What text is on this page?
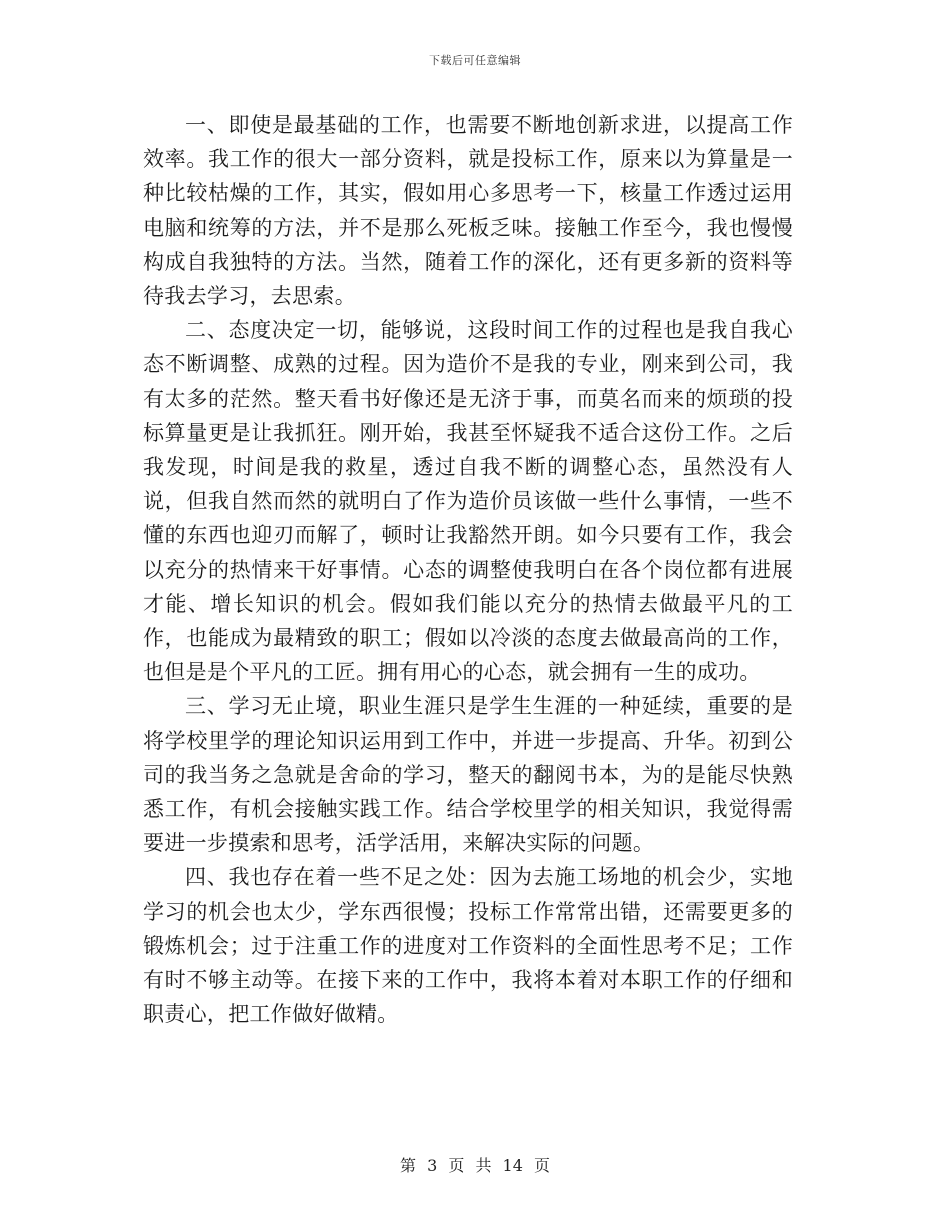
下载后可任意编辑

一、即使是最基础的工作，也需要不断地创新求进，以提高工作效率。我工作的很大一部分资料，就是投标工作，原来以为算量是一种比较枯燥的工作，其实，假如用心多思考一下，核量工作透过运用电脑和统筹的方法，并不是那么死板乏味。接触工作至今，我也慢慢构成自我独特的方法。当然，随着工作的深化，还有更多新的资料等待我去学习，去思索。

二、态度决定一切，能够说，这段时间工作的过程也是我自我心态不断调整、成熟的过程。因为造价不是我的专业，刚来到公司，我有太多的茫然。整天看书好像还是无济于事，而莫名而来的烦琐的投标算量更是让我抓狂。刚开始，我甚至怀疑我不适合这份工作。之后我发现，时间是我的救星，透过自我不断的调整心态，虽然没有人说，但我自然而然的就明白了作为造价员该做一些什么事情，一些不懂的东西也迎刃而解了，顿时让我豁然开朗。如今只要有工作，我会以充分的热情来干好事情。心态的调整使我明白在各个岗位都有进展才能、增长知识的机会。假如我们能以充分的热情去做最平凡的工作，也能成为最精致的职工；假如以冷淡的态度去做最高尚的工作，也但是是个平凡的工匠。拥有用心的心态，就会拥有一生的成功。

三、学习无止境，职业生涯只是学生生涯的一种延续，重要的是将学校里学的理论知识运用到工作中，并进一步提高、升华。初到公司的我当务之急就是舍命的学习，整天的翻阅书本，为的是能尽快熟悉工作，有机会接触实践工作。结合学校里学的相关知识，我觉得需要进一步摸索和思考，活学活用，来解决实际的问题。

四、我也存在着一些不足之处：因为去施工场地的机会少，实地学习的机会也太少，学东西很慢；投标工作常常出错，还需要更多的锻炼机会；过于注重工作的进度对工作资料的全面性思考不足；工作有时不够主动等。在接下来的工作中，我将本着对本职工作的仔细和职责心，把工作做好做精。

第 3 页 共 14 页
